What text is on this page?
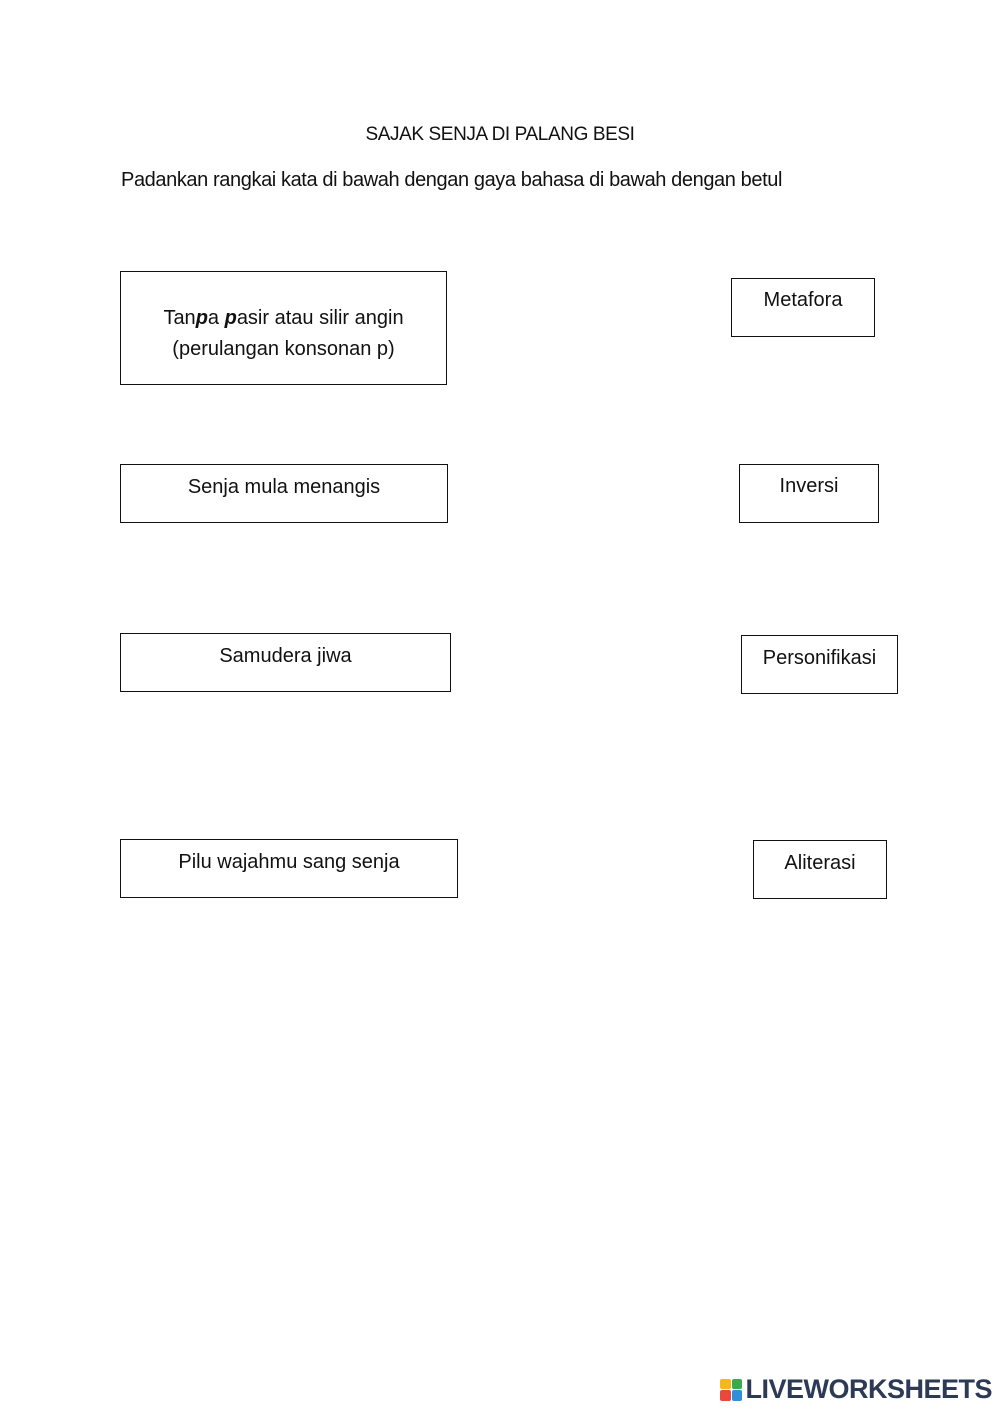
SAJAK SENJA DI PALANG BESI
Padankan rangkai kata di bawah dengan gaya bahasa di bawah dengan betul
Tanpa pasir atau silir angin
(perulangan konsonan p)
Senja mula menangis
Samudera jiwa
Pilu wajahmu sang senja
Metafora
Inversi
Personifikasi
Aliterasi
LIVEWORKSHEETS
